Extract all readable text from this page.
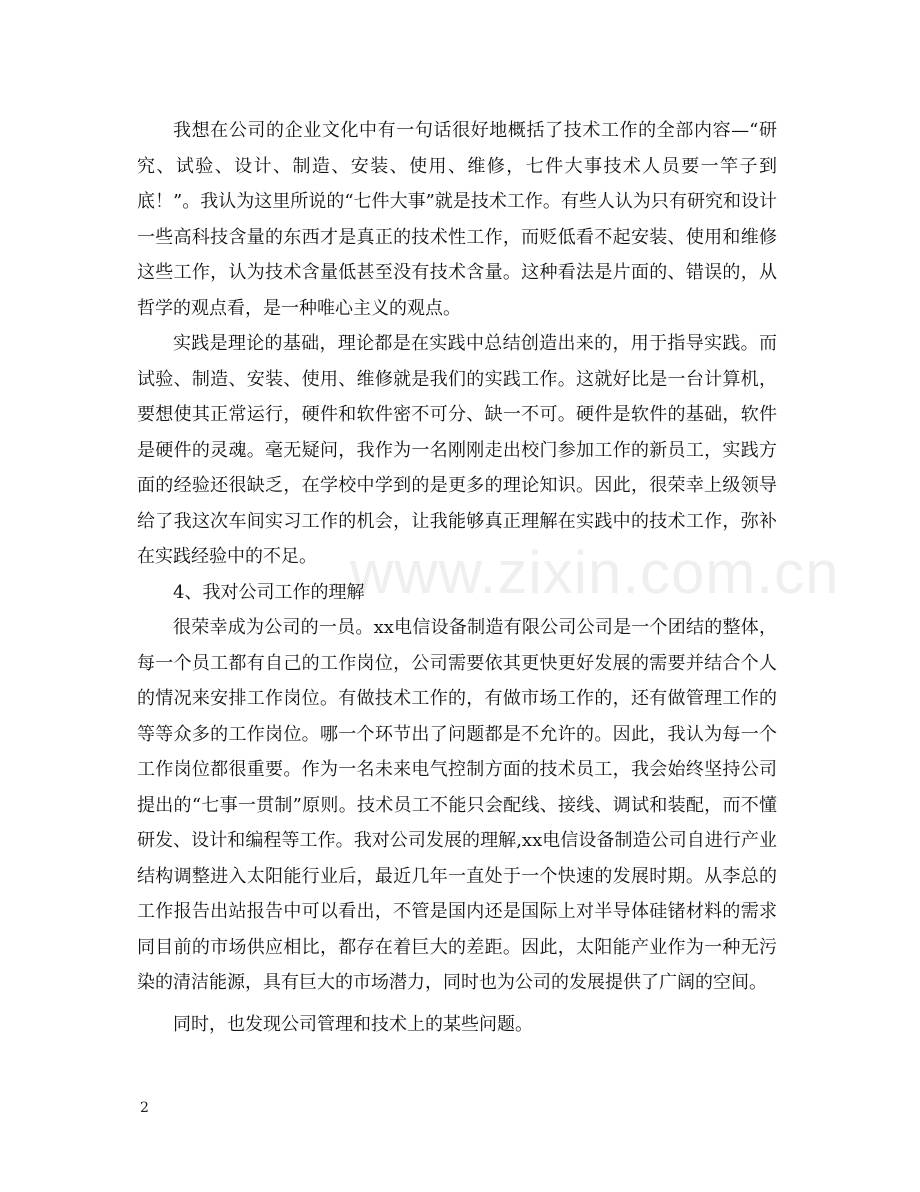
我想在公司的企业文化中有一句话很好地概括了技术工作的全部内容—“研究、试验、设计、制造、安装、使用、维修，七件大事技术人员要一竿子到底！”。我认为这里所说的“七件大事”就是技术工作。有些人认为只有研究和设计一些高科技含量的东西才是真正的技术性工作，而贬低看不起安装、使用和维修这些工作，认为技术含量低甚至没有技术含量。这种看法是片面的、错误的，从哲学的观点看，是一种唯心主义的观点。

实践是理论的基础，理论都是在实践中总结创造出来的，用于指导实践。而试验、制造、安装、使用、维修就是我们的实践工作。这就好比是一台计算机，要想使其正常运行，硬件和软件密不可分、缺一不可。硬件是软件的基础，软件是硬件的灵魂。毫无疑问，我作为一名刚刚走出校门参加工作的新员工，实践方面的经验还很缺乏，在学校中学到的是更多的理论知识。因此，很荣幸上级领导给了我这次车间实习工作的机会，让我能够真正理解在实践中的技术工作，弥补在实践经验中的不足。

4、我对公司工作的理解

很荣幸成为公司的一员。xx电信设备制造有限公司公司是一个团结的整体，每一个员工都有自己的工作岗位，公司需要依其更快更好发展的需要并结合个人的情况来安排工作岗位。有做技术工作的，有做市场工作的，还有做管理工作的等等众多的工作岗位。哪一个环节出了问题都是不允许的。因此，我认为每一个工作岗位都很重要。作为一名未来电气控制方面的技术员工，我会始终坚持公司提出的“七事一贯制”原则。技术员工不能只会配线、接线、调试和装配，而不懂研发、设计和编程等工作。我对公司发展的理解,xx电信设备制造公司自进行产业结构调整进入太阳能行业后，最近几年一直处于一个快速的发展时期。从李总的工作报告出站报告中可以看出，不管是国内还是国际上对半导体硅锗材料的需求同目前的市场供应相比，都存在着巨大的差距。因此，太阳能产业作为一种无污染的清洁能源，具有巨大的市场潜力，同时也为公司的发展提供了广阔的空间。

同时，也发现公司管理和技术上的某些问题。

www.zixin.com.cn
2
